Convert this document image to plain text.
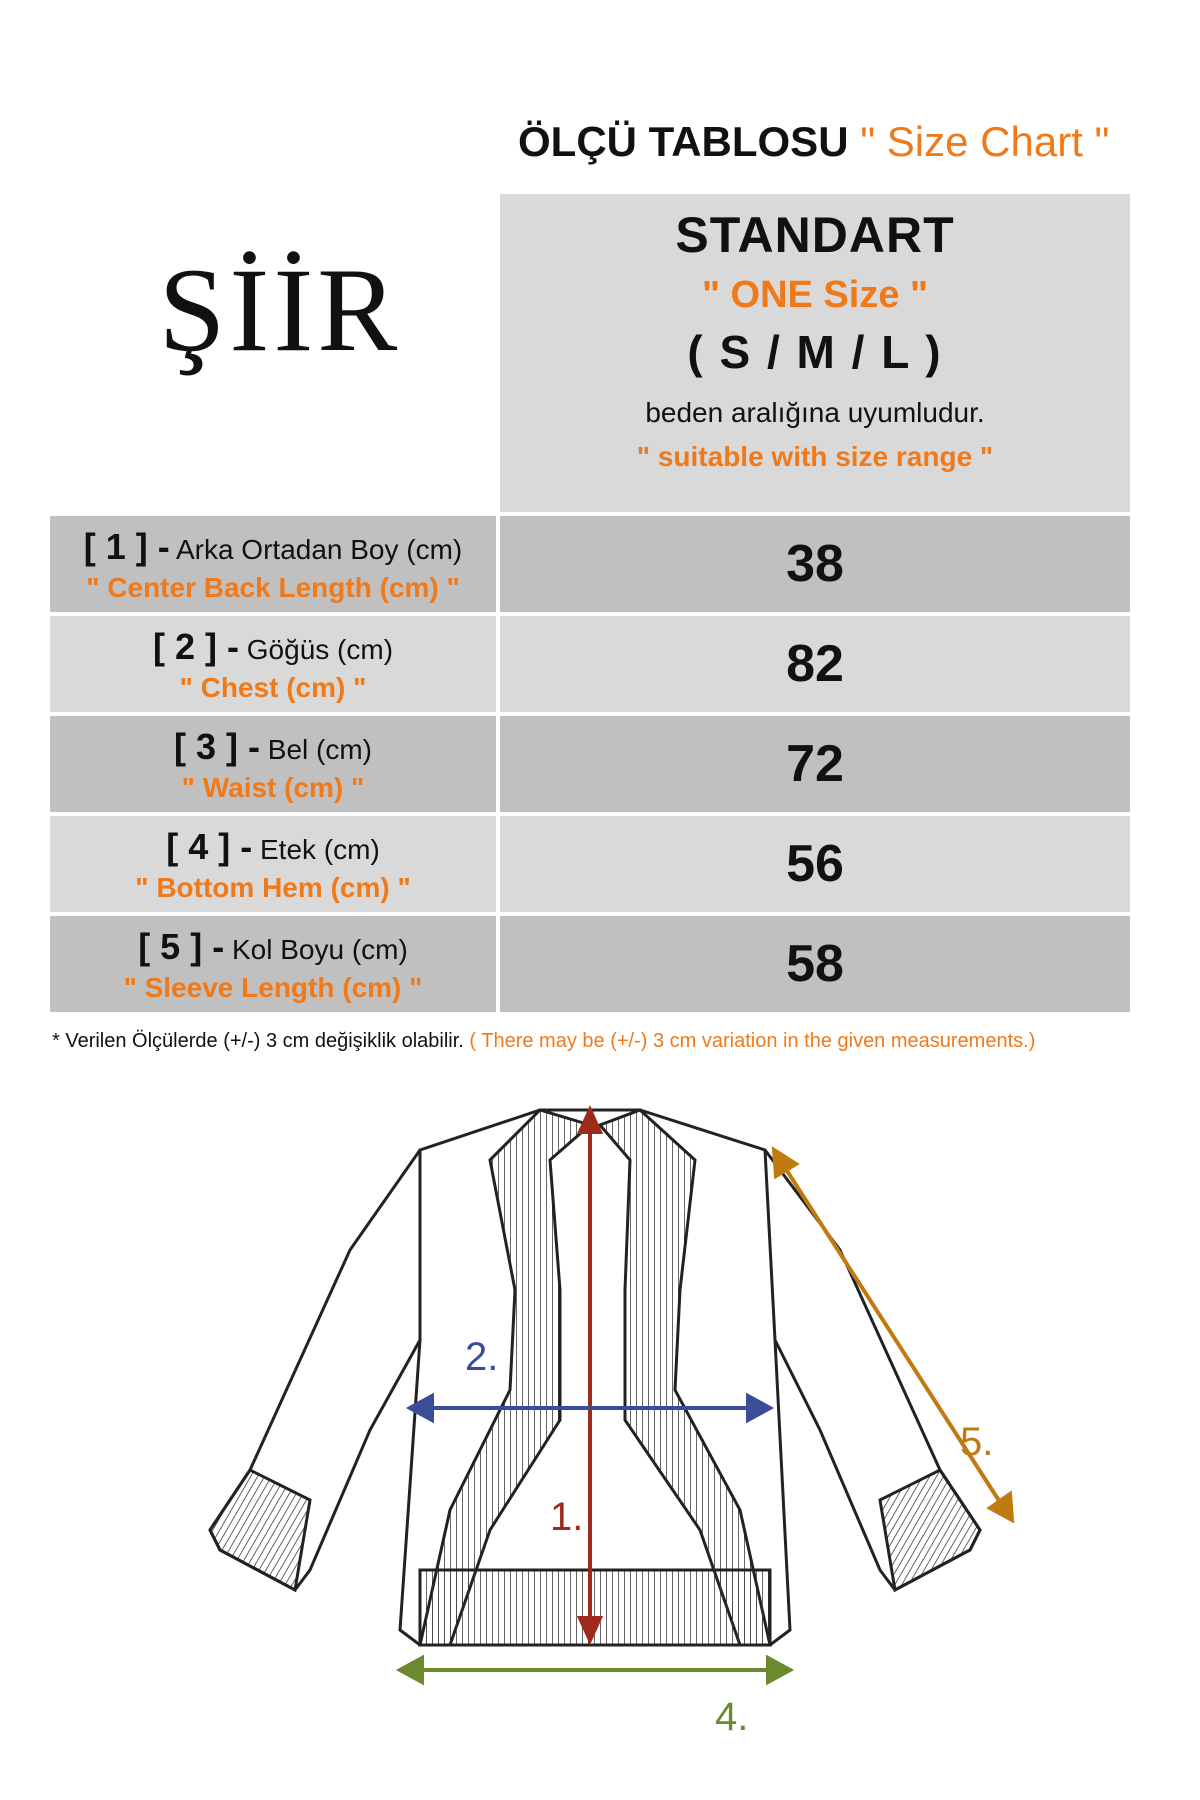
ÖLÇÜ TABLOSU " Size Chart "
ŞİİR
STANDART
" ONE Size "
( S / M / L )
beden aralığına uyumludur.
" suitable with size range "
[ 1 ] - Arka Ortadan Boy (cm)
" Center Back Length (cm) "	38
[ 2 ] - Göğüs (cm)
" Chest (cm) "	82
[ 3 ] - Bel (cm)
" Waist (cm) "	72
[ 4 ] - Etek (cm)
" Bottom Hem (cm) "	56
[ 5 ] - Kol Boyu (cm)
" Sleeve Length (cm) "	58
* Verilen Ölçülerde (+/-) 3 cm değişiklik olabilir. ( There may be (+/-) 3 cm variation in the given measurements.)
1.
2.
4.
5.
